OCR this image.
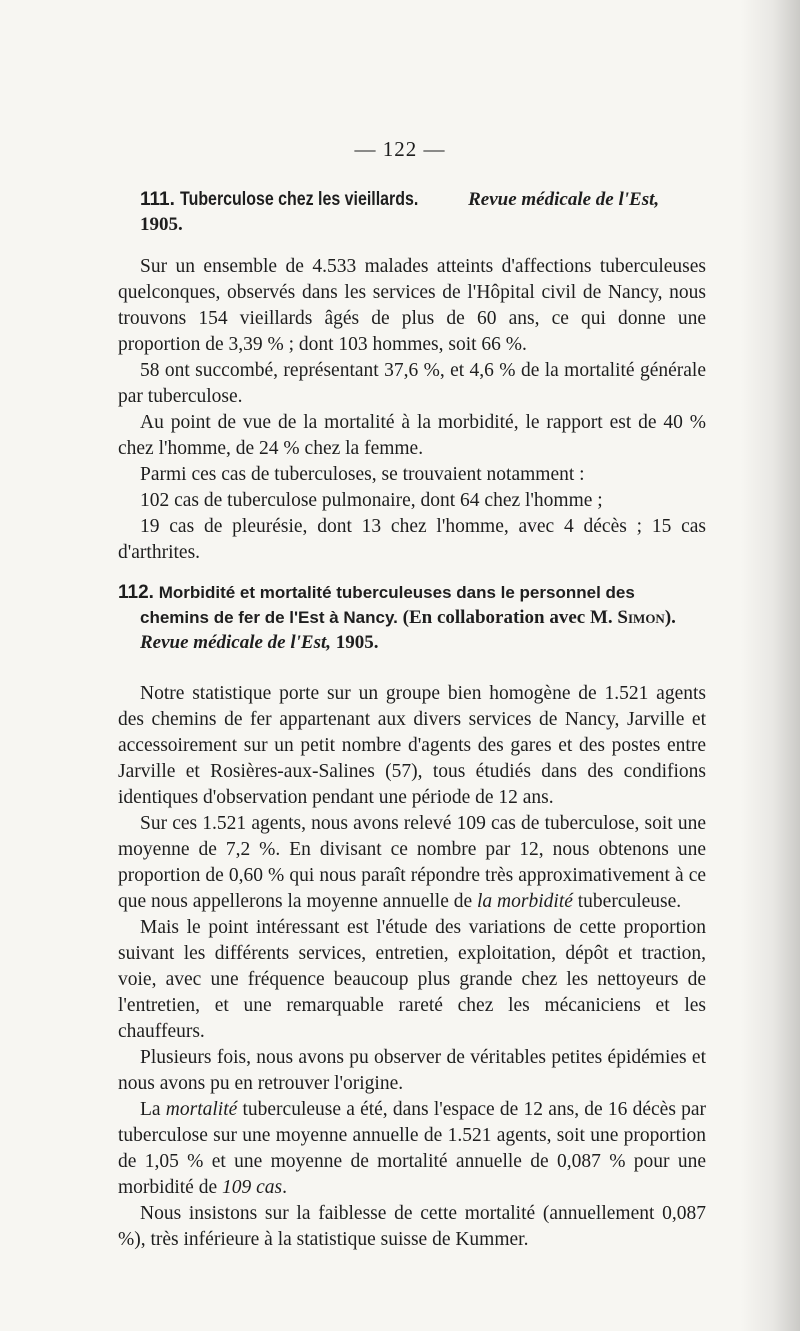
— 122 —
111. Tuberculose chez les vieillards.	Revue médicale de l'Est, 1905.

Sur un ensemble de 4.533 malades atteints d'affections tuberculeuses quelconques, observés dans les services de l'Hôpital civil de Nancy, nous trouvons 154 vieillards âgés de plus de 60 ans, ce qui donne une proportion de 3,39 % ; dont 103 hommes, soit 66 %.

58 ont succombé, représentant 37,6 %, et 4,6 % de la mortalité générale par tuberculose.

Au point de vue de la mortalité à la morbidité, le rapport est de 40 % chez l'homme, de 24 % chez la femme.

Parmi ces cas de tuberculoses, se trouvaient notamment :

102 cas de tuberculose pulmonaire, dont 64 chez l'homme ;

19 cas de pleurésie, dont 13 chez l'homme, avec 4 décès ; 15 cas d'arthrites.

112. Morbidité et mortalité tuberculeuses dans le personnel des chemins de fer de l'Est à Nancy. (En collaboration avec M. Simon). Revue médicale de l'Est, 1905.

Notre statistique porte sur un groupe bien homogène de 1.521 agents des chemins de fer appartenant aux divers services de Nancy, Jarville et accessoirement sur un petit nombre d'agents des gares et des postes entre Jarville et Rosières-aux-Salines (57), tous étudiés dans des condifions identiques d'observation pendant une période de 12 ans.

Sur ces 1.521 agents, nous avons relevé 109 cas de tuberculose, soit une moyenne de 7,2 %. En divisant ce nombre par 12, nous obtenons une proportion de 0,60 % qui nous paraît répondre très approximativement à ce que nous appellerons la moyenne annuelle de la morbidité tuberculeuse.

Mais le point intéressant est l'étude des variations de cette proportion suivant les différents services, entretien, exploitation, dépôt et traction, voie, avec une fréquence beaucoup plus grande chez les nettoyeurs de l'entretien, et une remarquable rareté chez les mécaniciens et les chauffeurs.

Plusieurs fois, nous avons pu observer de véritables petites épidémies et nous avons pu en retrouver l'origine.

La mortalité tuberculeuse a été, dans l'espace de 12 ans, de 16 décès par tuberculose sur une moyenne annuelle de 1.521 agents, soit une proportion de 1,05 % et une moyenne de mortalité annuelle de 0,087 % pour une morbidité de 109 cas.

Nous insistons sur la faiblesse de cette mortalité (annuellement 0,087 %), très inférieure à la statistique suisse de Kummer.
